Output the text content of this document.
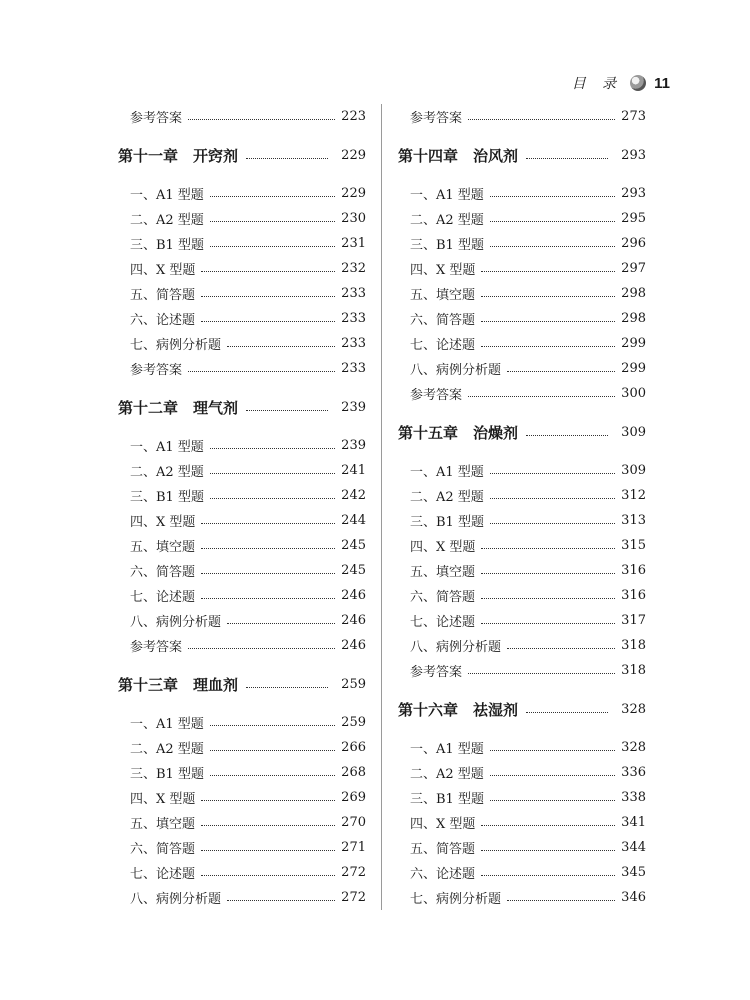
目 录 11
参考答案	223
第十一章　开窍剂	229
一、A1 型题	229
二、A2 型题	230
三、B1 型题	231
四、X 型题	232
五、简答题	233
六、论述题	233
七、病例分析题	233
参考答案	233
第十二章　理气剂	239
一、A1 型题	239
二、A2 型题	241
三、B1 型题	242
四、X 型题	244
五、填空题	245
六、简答题	245
七、论述题	246
八、病例分析题	246
参考答案	246
第十三章　理血剂	259
一、A1 型题	259
二、A2 型题	266
三、B1 型题	268
四、X 型题	269
五、填空题	270
六、简答题	271
七、论述题	272
八、病例分析题	272
参考答案	273
第十四章　治风剂	293
一、A1 型题	293
二、A2 型题	295
三、B1 型题	296
四、X 型题	297
五、填空题	298
六、简答题	298
七、论述题	299
八、病例分析题	299
参考答案	300
第十五章　治燥剂	309
一、A1 型题	309
二、A2 型题	312
三、B1 型题	313
四、X 型题	315
五、填空题	316
六、简答题	316
七、论述题	317
八、病例分析题	318
参考答案	318
第十六章　祛湿剂	328
一、A1 型题	328
二、A2 型题	336
三、B1 型题	338
四、X 型题	341
五、简答题	344
六、论述题	345
七、病例分析题	346
